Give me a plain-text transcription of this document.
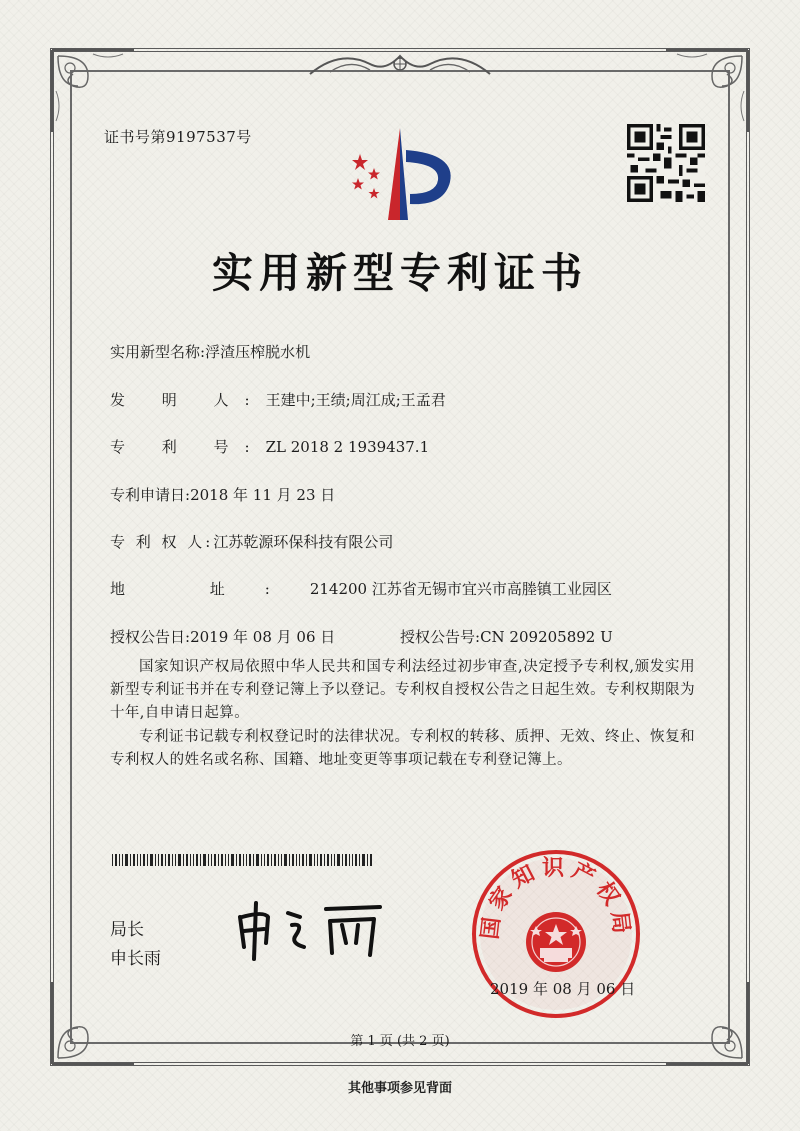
证书号第9197537号
实用新型专利证书
实用新型名称:浮渣压榨脱水机
发 明 人:王建中;王绩;周江成;王孟君
专 利 号:ZL 2018 2 1939437.1
专利申请日:2018 年 11 月 23 日
专 利 权 人:江苏乾源环保科技有限公司
地 址:214200 江苏省无锡市宜兴市高塍镇工业园区
授权公告日:2019 年 08 月 06 日	授权公告号:CN 209205892 U
国家知识产权局依照中华人民共和国专利法经过初步审查,决定授予专利权,颁发实用新型专利证书并在专利登记簿上予以登记。专利权自授权公告之日起生效。专利权期限为十年,自申请日起算。
专利证书记载专利权登记时的法律状况。专利权的转移、质押、无效、终止、恢复和专利权人的姓名或名称、国籍、地址变更等事项记载在专利登记簿上。
局长
申长雨
国家知识产权局
2019 年 08 月 06 日
第 1 页 (共 2 页)
其他事项参见背面
